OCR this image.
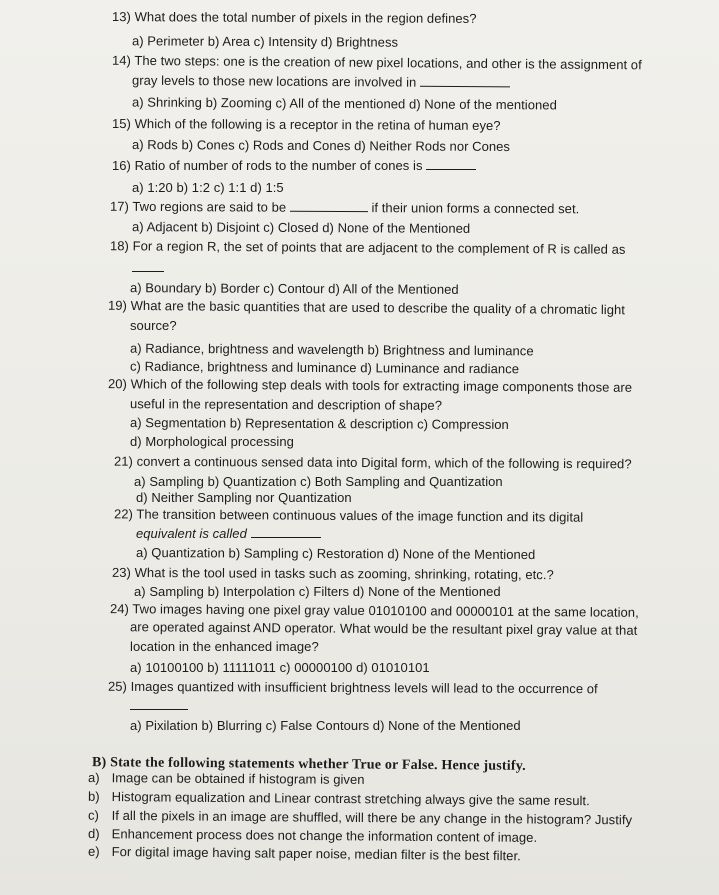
13) What does the total number of pixels in the region defines?
a) Perimeter b) Area c) Intensity d) Brightness
14) The two steps: one is the creation of new pixel locations, and other is the assignment of
gray levels to those new locations are involved in
a) Shrinking b) Zooming c) All of the mentioned d) None of the mentioned
15) Which of the following is a receptor in the retina of human eye?
a) Rods b) Cones c) Rods and Cones d) Neither Rods nor Cones
16) Ratio of number of rods to the number of cones is
a) 1:20 b) 1:2 c) 1:1 d) 1:5
17) Two regions are said to be	if their union forms a connected set.
a) Adjacent b) Disjoint c) Closed d) None of the Mentioned
18) For a region R, the set of points that are adjacent to the complement of R is called as
a) Boundary b) Border c) Contour d) All of the Mentioned
19) What are the basic quantities that are used to describe the quality of a chromatic light
source?
a) Radiance, brightness and wavelength b) Brightness and luminance
c) Radiance, brightness and luminance d) Luminance and radiance
20) Which of the following step deals with tools for extracting image components those are
useful in the representation and description of shape?
a) Segmentation b) Representation & description c) Compression
d) Morphological processing
21) convert a continuous sensed data into Digital form, which of the following is required?
a) Sampling b) Quantization c) Both Sampling and Quantization
d) Neither Sampling nor Quantization
22) The transition between continuous values of the image function and its digital
equivalent is called
a) Quantization b) Sampling c) Restoration d) None of the Mentioned
23) What is the tool used in tasks such as zooming, shrinking, rotating, etc.?
a) Sampling b) Interpolation c) Filters d) None of the Mentioned
24) Two images having one pixel gray value 01010100 and 00000101 at the same location,
are operated against AND operator. What would be the resultant pixel gray value at that
location in the enhanced image?
a) 10100100 b) 11111011 c) 00000100 d) 01010101
25) Images quantized with insufficient brightness levels will lead to the occurrence of
a) Pixilation b) Blurring c) False Contours d) None of the Mentioned
B) State the following statements whether True or False. Hence justify.
a) Image can be obtained if histogram is given
b) Histogram equalization and Linear contrast stretching always give the same result.
c) If all the pixels in an image are shuffled, will there be any change in the histogram? Justify
d) Enhancement process does not change the information content of image.
e) For digital image having salt paper noise, median filter is the best filter.
